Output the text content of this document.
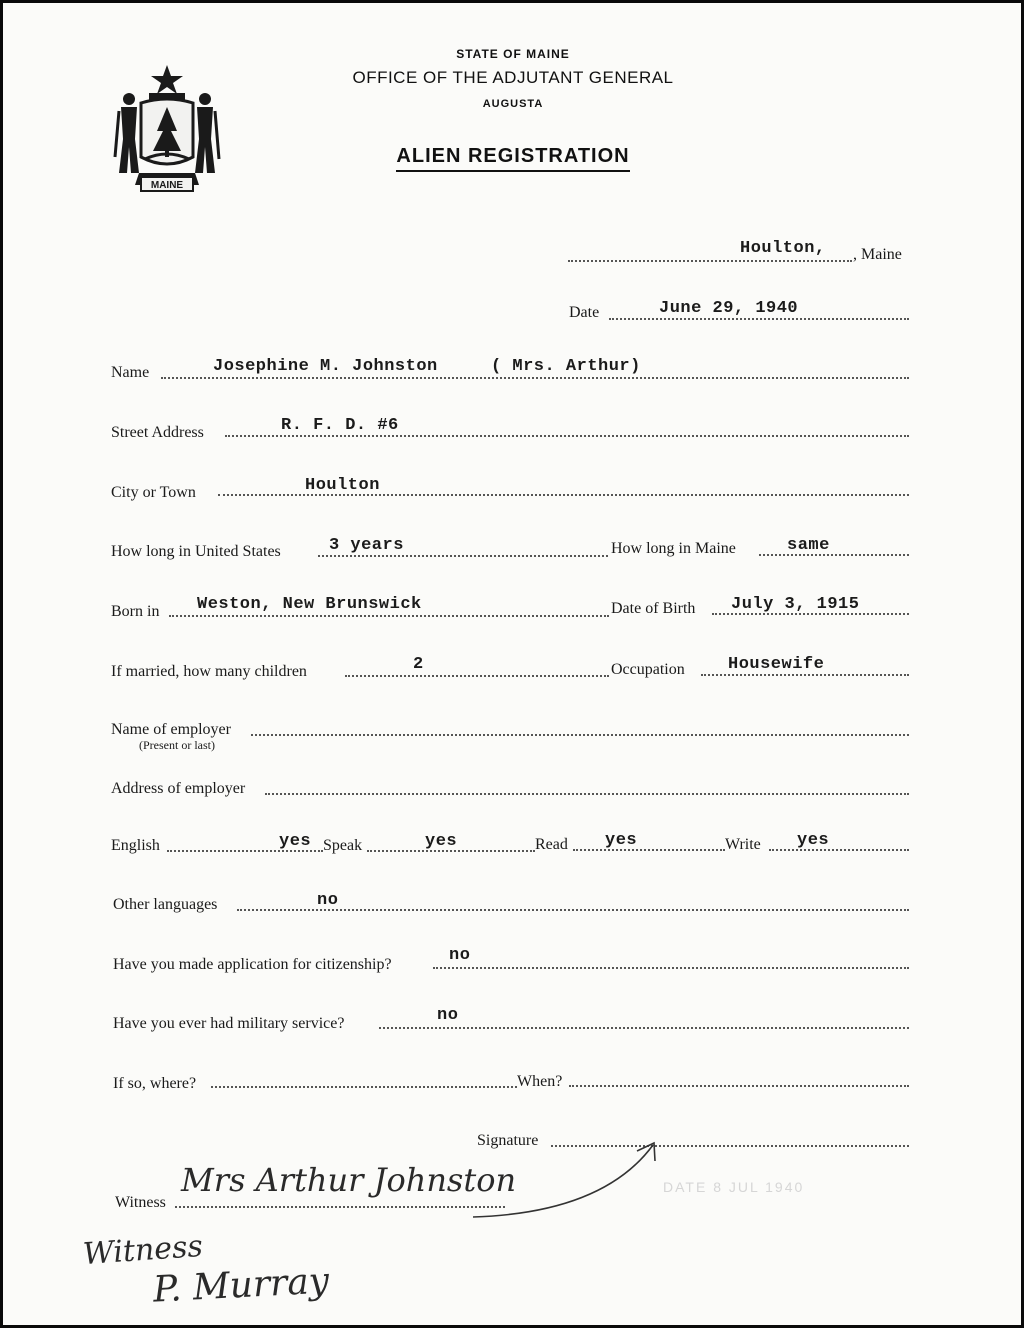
MAINE
STATE OF MAINE
OFFICE OF THE ADJUTANT GENERAL
AUGUSTA
ALIEN REGISTRATION
Houlton, , Maine
Date	June 29, 1940
Name	Josephine M. Johnston	( Mrs. Arthur)
Street Address	R. F. D. #6
City or Town	Houlton
How long in United States	3 years	How long in Maine	same
Born in Weston, New Brunswick	Date of Birth July 3, 1915
If married, how many children	2	Occupation	Housewife
Name of employer
(Present or last)
Address of employer
English	yes Speak	yes	Read yes	Write yes
Other languages	no
Have you made application for citizenship?	no
Have you ever had military service?	no
If so, where?	When?
Signature
Witness
Mrs Arthur Johnston	DATE 8 JUL 1940
Witness
P. Murray
